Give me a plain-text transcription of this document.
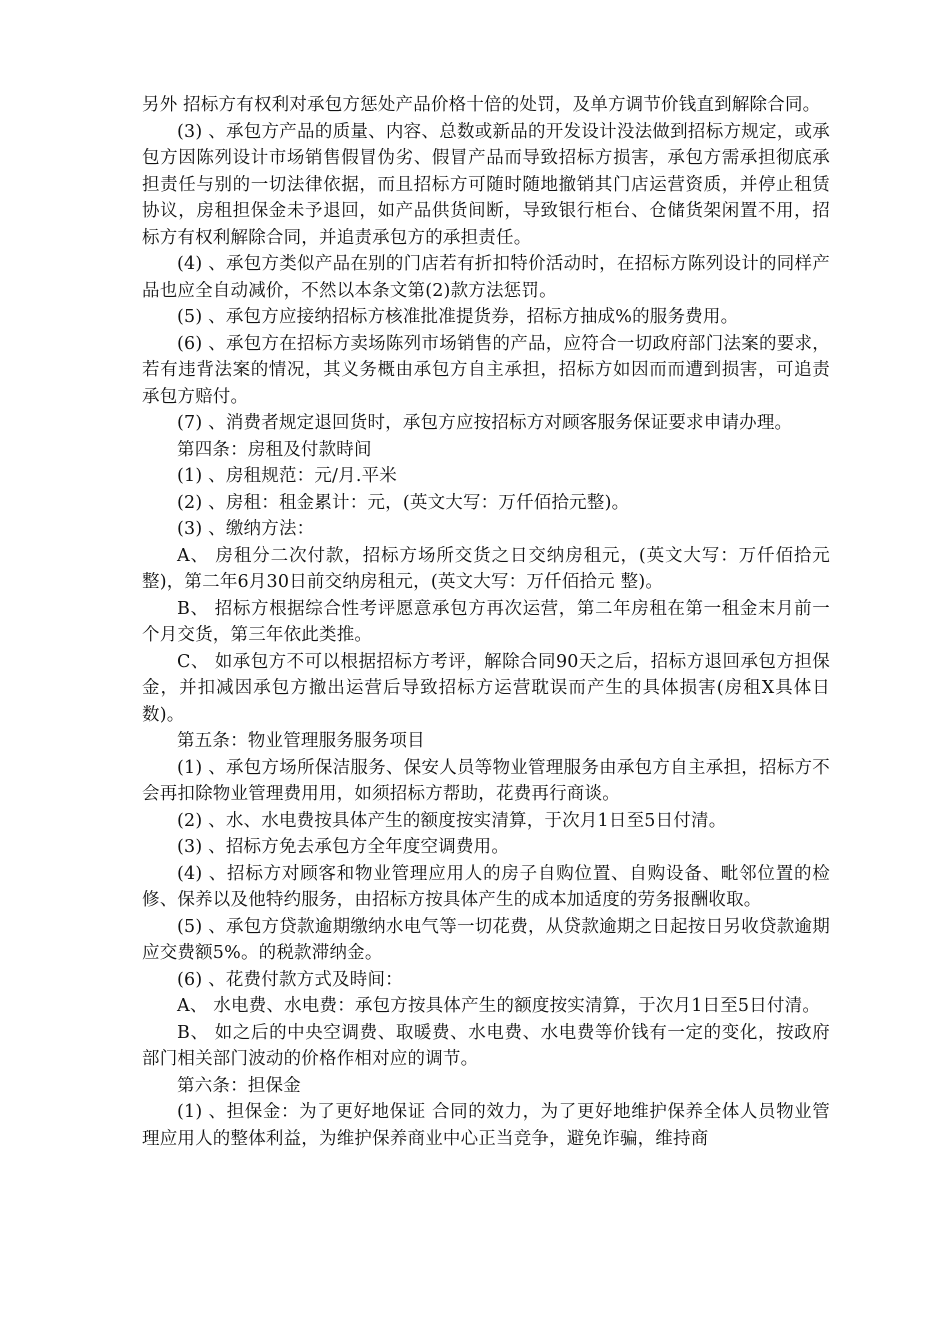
另外 招标方有权利对承包方惩处产品价格十倍的处罚，及单方调节价钱直到解除合同。

(3) 、承包方产品的质量、内容、总数或新品的开发设计没法做到招标方规定，或承包方因陈列设计市场销售假冒伪劣、假冒产品而导致招标方损害，承包方需承担彻底承担责任与别的一切法律依据，而且招标方可随时随地撤销其门店运营资质，并停止租赁协议，房租担保金未予退回，如产品供货间断，导致银行柜台、仓储货架闲置不用，招标方有权利解除合同，并追责承包方的承担责任。

(4) 、承包方类似产品在别的门店若有折扣特价活动时，在招标方陈列设计的同样产品也应全自动减价，不然以本条文第(2)款方法惩罚。

(5) 、承包方应接纳招标方核准批准提货券，招标方抽成%的服务费用。

(6) 、承包方在招标方卖场陈列市场销售的产品，应符合一切政府部门法案的要求，若有违背法案的情况，其义务概由承包方自主承担，招标方如因而而遭到损害，可追责承包方赔付。

(7) 、消费者规定退回货时，承包方应按招标方对顾客服务保证要求申请办理。

第四条：房租及付款時间

(1) 、房租规范：元/月.平米

(2) 、房租：租金累计：元，(英文大写：万仟佰拾元整)。

(3) 、缴纳方法：

A、 房租分二次付款，招标方场所交货之日交纳房租元，(英文大写：万仟佰拾元整)，第二年6月30日前交纳房租元，(英文大写：万仟佰拾元 整)。

B、 招标方根据综合性考评愿意承包方再次运营，第二年房租在第一租金末月前一个月交货，第三年依此类推。

C、 如承包方不可以根据招标方考评，解除合同90天之后，招标方退回承包方担保金，并扣减因承包方撤出运营后导致招标方运营耽误而产生的具体损害(房租X具体日数)。

第五条：物业管理服务服务项目

(1) 、承包方场所保洁服务、保安人员等物业管理服务由承包方自主承担，招标方不会再扣除物业管理费用用，如须招标方帮助，花费再行商谈。

(2) 、水、水电费按具体产生的额度按实清算，于次月1日至5日付清。

(3) 、招标方免去承包方全年度空调费用。

(4) 、招标方对顾客和物业管理应用人的房子自购位置、自购设备、毗邻位置的检修、保养以及他特约服务，由招标方按具体产生的成本加适度的劳务报酬收取。

(5) 、承包方贷款逾期缴纳水电气等一切花费，从贷款逾期之日起按日另收贷款逾期应交费额5%。的税款滞纳金。

(6) 、花费付款方式及時间：

A、 水电费、水电费：承包方按具体产生的额度按实清算，于次月1日至5日付清。

B、 如之后的中央空调费、取暖费、水电费、水电费等价钱有一定的变化，按政府部门相关部门波动的价格作相对应的调节。

第六条：担保金

(1) 、担保金：为了更好地保证 合同的效力，为了更好地维护保养全体人员物业管理应用人的整体利益，为维护保养商业中心正当竞争，避免诈骗，维持商
